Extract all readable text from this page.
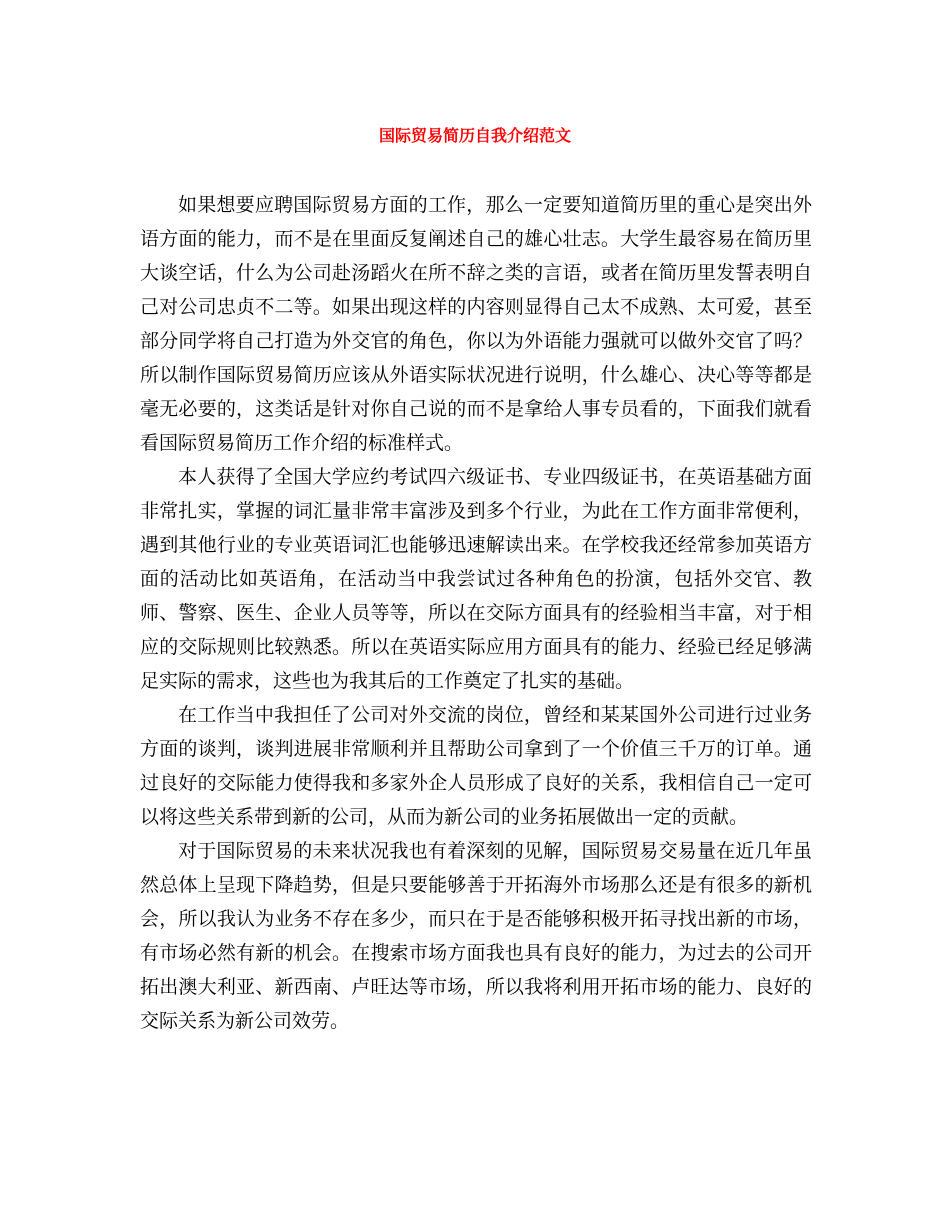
国际贸易简历自我介绍范文

如果想要应聘国际贸易方面的工作，那么一定要知道简历里的重心是突出外语方面的能力，而不是在里面反复阐述自己的雄心壮志。大学生最容易在简历里大谈空话，什么为公司赴汤蹈火在所不辞之类的言语，或者在简历里发誓表明自己对公司忠贞不二等。如果出现这样的内容则显得自己太不成熟、太可爱，甚至部分同学将自己打造为外交官的角色，你以为外语能力强就可以做外交官了吗？所以制作国际贸易简历应该从外语实际状况进行说明，什么雄心、决心等等都是毫无必要的，这类话是针对你自己说的而不是拿给人事专员看的，下面我们就看看国际贸易简历工作介绍的标准样式。

本人获得了全国大学应约考试四六级证书、专业四级证书，在英语基础方面非常扎实，掌握的词汇量非常丰富涉及到多个行业，为此在工作方面非常便利，遇到其他行业的专业英语词汇也能够迅速解读出来。在学校我还经常参加英语方面的活动比如英语角，在活动当中我尝试过各种角色的扮演，包括外交官、教师、警察、医生、企业人员等等，所以在交际方面具有的经验相当丰富，对于相应的交际规则比较熟悉。所以在英语实际应用方面具有的能力、经验已经足够满足实际的需求，这些也为我其后的工作奠定了扎实的基础。

在工作当中我担任了公司对外交流的岗位，曾经和某某国外公司进行过业务方面的谈判，谈判进展非常顺利并且帮助公司拿到了一个价值三千万的订单。通过良好的交际能力使得我和多家外企人员形成了良好的关系，我相信自己一定可以将这些关系带到新的公司，从而为新公司的业务拓展做出一定的贡献。

对于国际贸易的未来状况我也有着深刻的见解，国际贸易交易量在近几年虽然总体上呈现下降趋势，但是只要能够善于开拓海外市场那么还是有很多的新机会，所以我认为业务不存在多少，而只在于是否能够积极开拓寻找出新的市场，有市场必然有新的机会。在搜索市场方面我也具有良好的能力，为过去的公司开拓出澳大利亚、新西南、卢旺达等市场，所以我将利用开拓市场的能力、良好的交际关系为新公司效劳。
